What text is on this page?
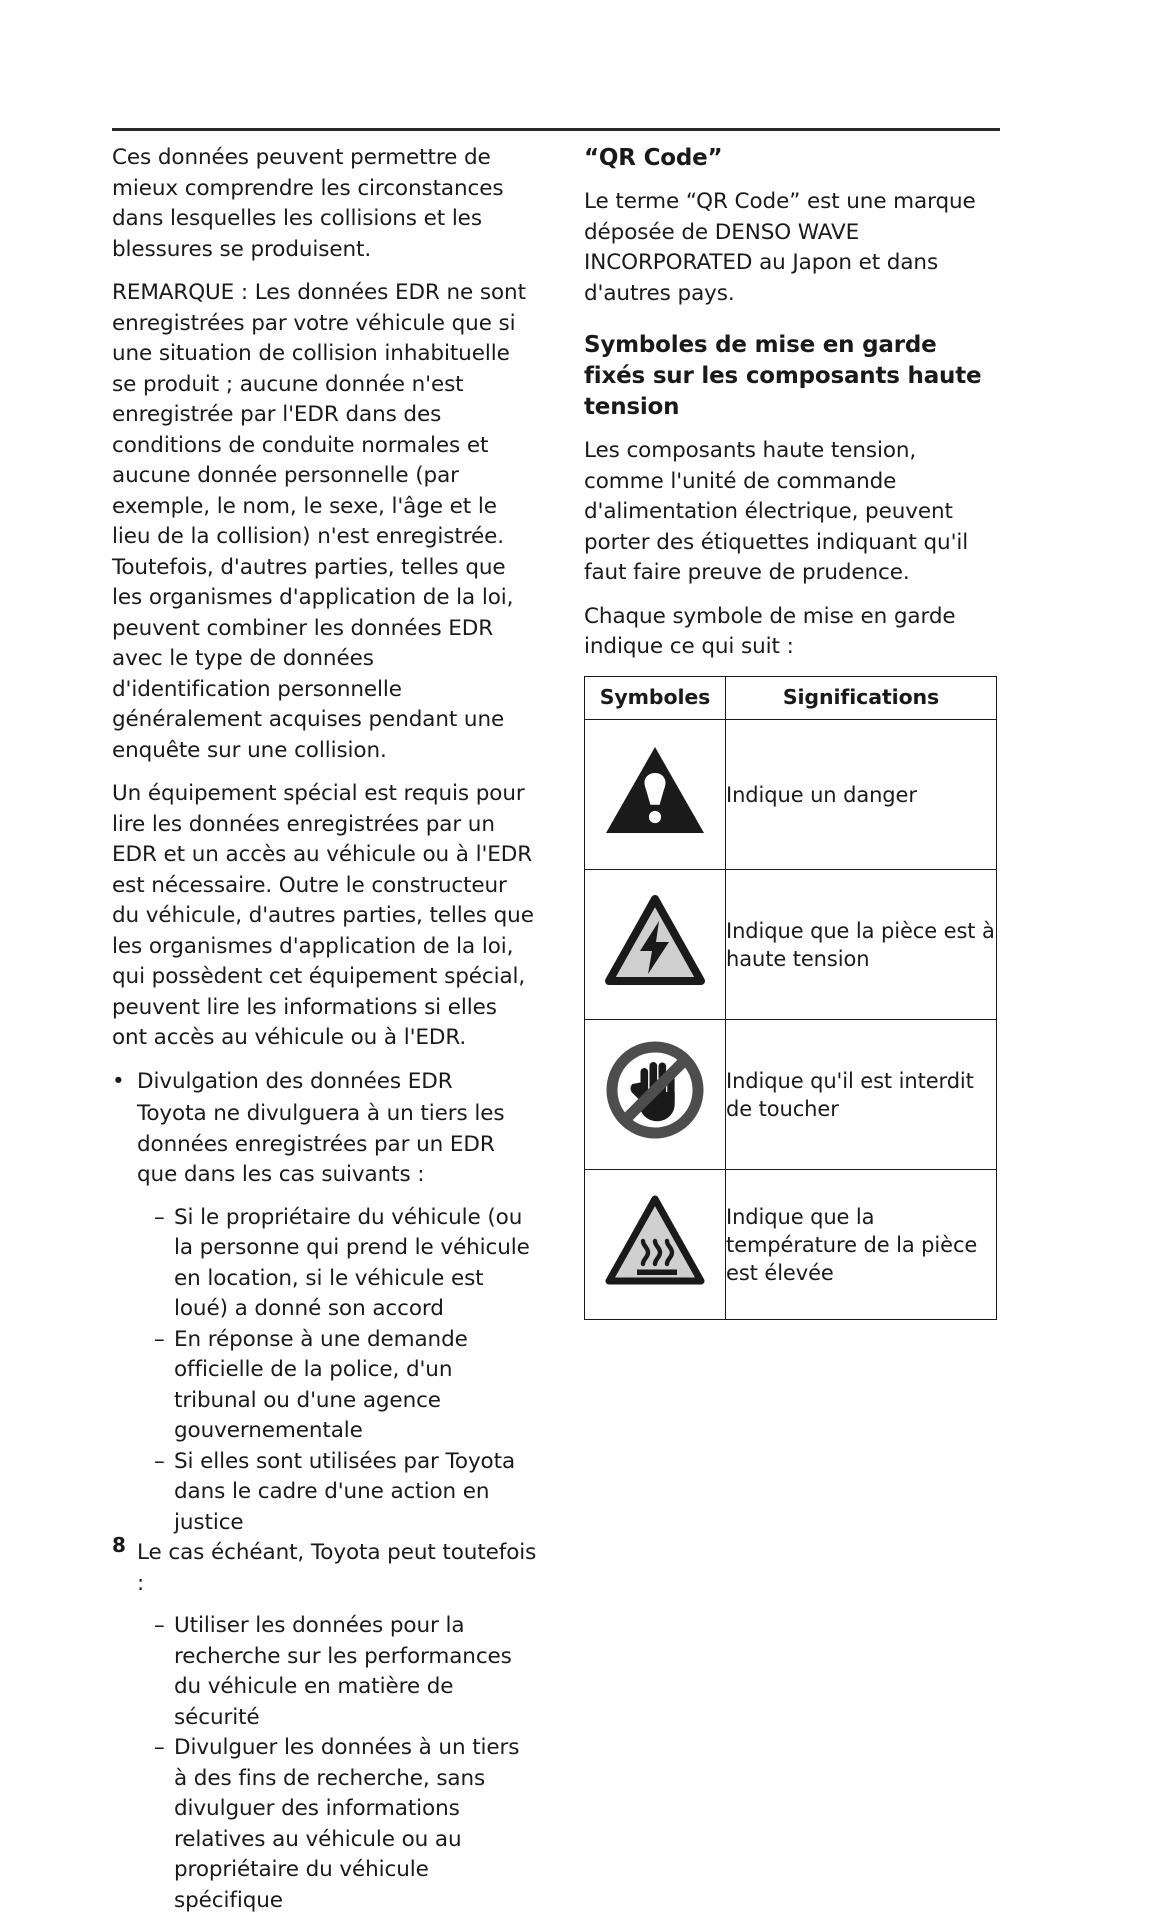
Ces données peuvent permettre de mieux comprendre les circonstances dans lesquelles les collisions et les blessures se produisent.

REMARQUE : Les données EDR ne sont enregistrées par votre véhicule que si une situation de collision inhabituelle se produit ; aucune donnée n'est enregistrée par l'EDR dans des conditions de conduite normales et aucune donnée personnelle (par exemple, le nom, le sexe, l'âge et le lieu de la collision) n'est enregistrée. Toutefois, d'autres parties, telles que les organismes d'application de la loi, peuvent combiner les données EDR avec le type de données d'identification personnelle généralement acquises pendant une enquête sur une collision.

Un équipement spécial est requis pour lire les données enregistrées par un EDR et un accès au véhicule ou à l'EDR est nécessaire. Outre le constructeur du véhicule, d'autres parties, telles que les organismes d'application de la loi, qui possèdent cet équipement spécial, peuvent lire les informations si elles ont accès au véhicule ou à l'EDR.

• Divulgation des données EDR

Toyota ne divulguera à un tiers les données enregistrées par un EDR que dans les cas suivants :

– Si le propriétaire du véhicule (ou la personne qui prend le véhicule en location, si le véhicule est loué) a donné son accord
– En réponse à une demande officielle de la police, d'un tribunal ou d'une agence gouvernementale
– Si elles sont utilisées par Toyota dans le cadre d'une action en justice

Le cas échéant, Toyota peut toutefois :

– Utiliser les données pour la recherche sur les performances du véhicule en matière de sécurité
– Divulguer les données à un tiers à des fins de recherche, sans divulguer des informations relatives au véhicule ou au propriétaire du véhicule spécifique
“QR Code”

Le terme “QR Code” est une marque déposée de DENSO WAVE INCORPORATED au Japon et dans d'autres pays.

Symboles de mise en garde fixés sur les composants haute tension

Les composants haute tension, comme l'unité de commande d'alimentation électrique, peuvent porter des étiquettes indiquant qu'il faut faire preuve de prudence.

Chaque symbole de mise en garde indique ce qui suit :

Symboles	Significations
	Indique un danger
	Indique que la pièce est à haute tension
	Indique qu'il est interdit de toucher
	Indique que la température de la pièce est élevée
8
